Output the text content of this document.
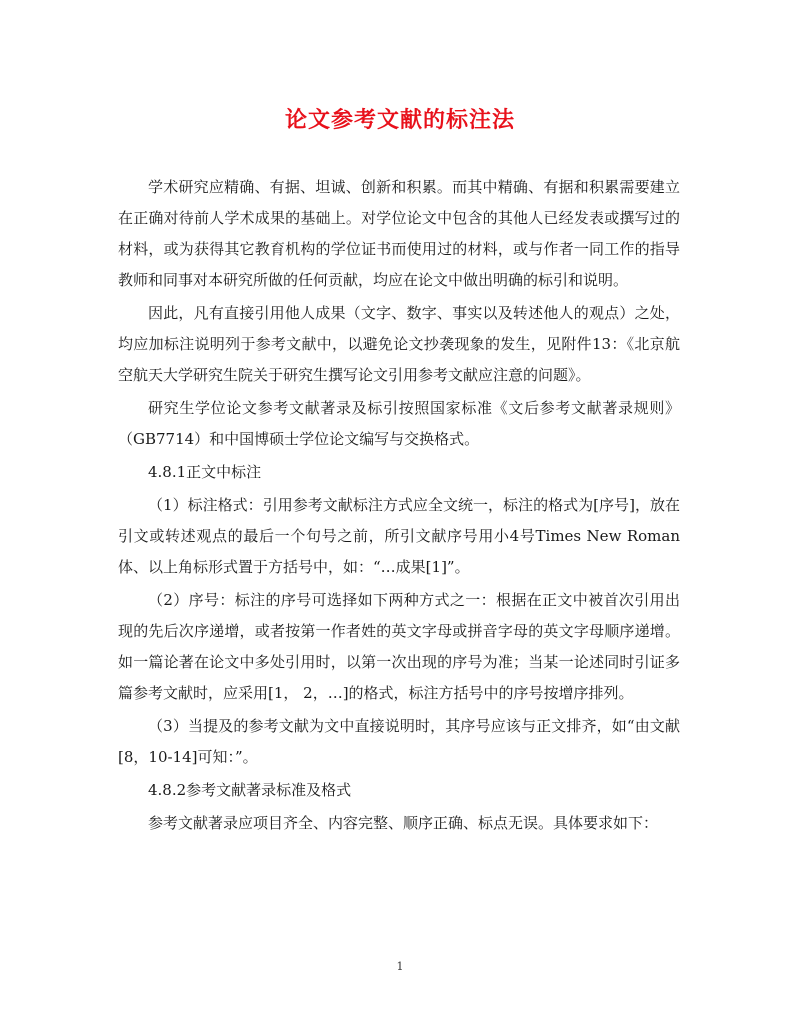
论文参考文献的标注法

学术研究应精确、有据、坦诚、创新和积累。而其中精确、有据和积累需要建立在正确对待前人学术成果的基础上。对学位论文中包含的其他人已经发表或撰写过的材料，或为获得其它教育机构的学位证书而使用过的材料，或与作者一同工作的指导教师和同事对本研究所做的任何贡献，均应在论文中做出明确的标引和说明。

因此，凡有直接引用他人成果（文字、数字、事实以及转述他人的观点）之处，均应加标注说明列于参考文献中，以避免论文抄袭现象的发生，见附件13：《北京航空航天大学研究生院关于研究生撰写论文引用参考文献应注意的问题》。

研究生学位论文参考文献著录及标引按照国家标准《文后参考文献著录规则》（GB7714）和中国博硕士学位论文编写与交换格式。

4.8.1正文中标注

（1）标注格式：引用参考文献标注方式应全文统一，标注的格式为[序号]，放在引文或转述观点的最后一个句号之前，所引文献序号用小4号Times New Roman体、以上角标形式置于方括号中，如：“…成果[1]”。

（2）序号：标注的序号可选择如下两种方式之一：根据在正文中被首次引用出现的先后次序递增，或者按第一作者姓的英文字母或拼音字母的英文字母顺序递增。如一篇论著在论文中多处引用时，以第一次出现的序号为准；当某一论述同时引证多篇参考文献时，应采用[1， 2，…]的格式，标注方括号中的序号按增序排列。

（3）当提及的参考文献为文中直接说明时，其序号应该与正文排齐，如“由文献[8，10-14]可知：”。

4.8.2参考文献著录标准及格式

参考文献著录应项目齐全、内容完整、顺序正确、标点无误。具体要求如下：

1
